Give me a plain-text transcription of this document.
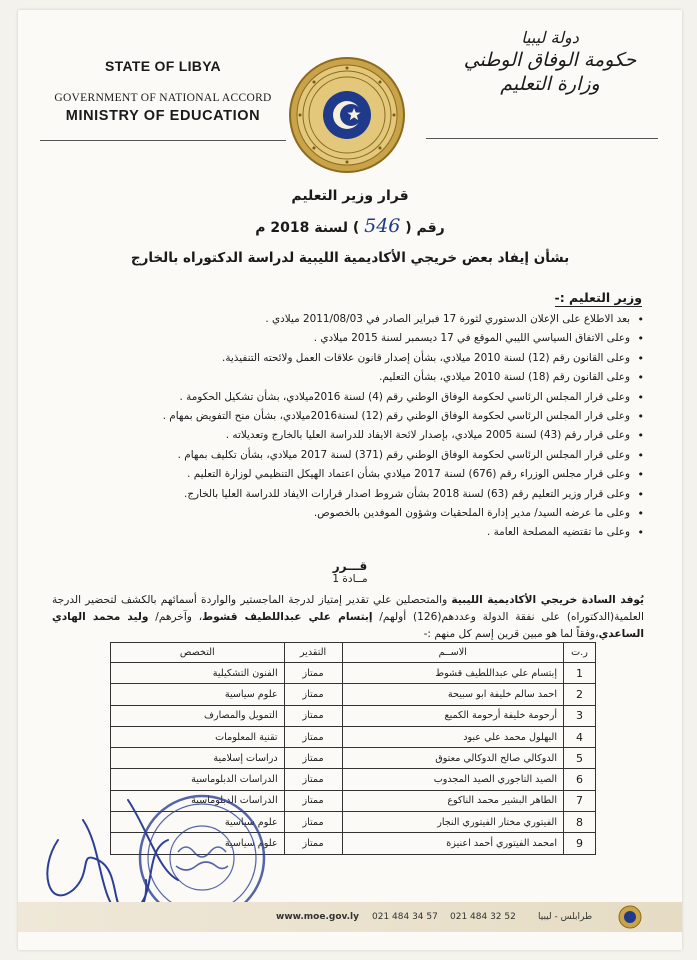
STATE OF LIBYA
GOVERNMENT OF NATIONAL ACCORD
MINISTRY OF EDUCATION
دولة ليبيا
حكومة الوفاق الوطني
وزارة التعليم
قرار وزير التعليم
رقم ( 546 ) لسنة 2018 م
بشأن إيفاد بعض خريجي الأكاديمية الليبية لدراسة الدكتوراه بالخارج
وزير التعليم :-
• بعد الاطلاع على الإعلان الدستوري لثورة 17 فبراير الصادر في 2011/08/03 ميلادي .
• وعلى الاتفاق السياسي الليبي الموقع في 17 ديسمبر لسنة 2015 ميلادي .
• وعلى القانون رقم (12) لسنة 2010 ميلادي، بشأن إصدار قانون علاقات العمل ولائحته التنفيذية.
• وعلى القانون رقم (18) لسنة 2010 ميلادي، بشأن التعليم.
• وعلى قرار المجلس الرئاسي لحكومة الوفاق الوطني رقم (4) لسنة 2016ميلادي، بشأن تشكيل الحكومة .
• وعلى قرار المجلس الرئاسي لحكومة الوفاق الوطني رقم (12) لسنة2016ميلادي، بشأن منح التفويض بمهام .
• وعلى قرار رقم (43) لسنة 2005 ميلادي، بإصدار لائحة الايفاد للدراسة العليا بالخارج وتعديلاته .
• وعلى قرار المجلس الرئاسي لحكومة الوفاق الوطني رقم (371) لسنة 2017 ميلادي، بشأن تكليف بمهام .
• وعلى قرار مجلس الوزراء رقم (676) لسنة 2017 ميلادي بشأن اعتماد الهيكل التنظيمي لوزارة التعليم .
• وعلى قرار وزير التعليم رقم (63) لسنة 2018 بشأن شروط اصدار قرارات الايفاد للدراسة العليا بالخارج.
• وعلى ما عرضه السيد/ مدير إدارة الملحقيات وشؤون الموفدين بالخصوص.
• وعلى ما تقتضيه المصلحة العامة .
قـــرر
مــادة 1
يُوفد السادة خريجي الأكاديمية الليبية والمتحصلين علي تقدير إمتياز لدرجة الماجستير والواردة أسمائهم بالكشف لتحضير الدرجة العلمية(الدكتوراه) على نفقة الدولة وعددهم(126) أولهم/ إبتسام علي عبداللطيف قشوط، وآخرهم/ وليد محمد الهادي الساعدي،وفقاً لما هو مبين قرين إسم كل منهم :-
ر.ت	الاســم	التقدير	التخصص
1	إبتسام علي عبداللطيف قشوط	ممتاز	الفنون التشكيلية
2	احمد سالم خليفة ابو سبيحة	ممتاز	علوم سياسية
3	أرحومة خليفة أرحومة الكميع	ممتاز	التمويل والمصارف
4	البهلول محمد علي عبود	ممتاز	تقنية المعلومات
5	الدوكالي صالح الدوكالي معتوق	ممتاز	دراسات إسلامية
6	الصيد التاجوري الصيد المجدوب	ممتاز	الدراسات الدبلوماسية
7	الطاهر البشير محمد الناكوع	ممتاز	الدراسات الدبلوماسية
8	الفيتوري مختار الفيتوري النجار	ممتاز	علوم سياسية
9	امحمد الفيتوري أحمد اعنيزة	ممتاز	علوم سياسية
www.moe.gov.ly 021 484 34 57 021 484 32 52 طرابلس - ليبيا
